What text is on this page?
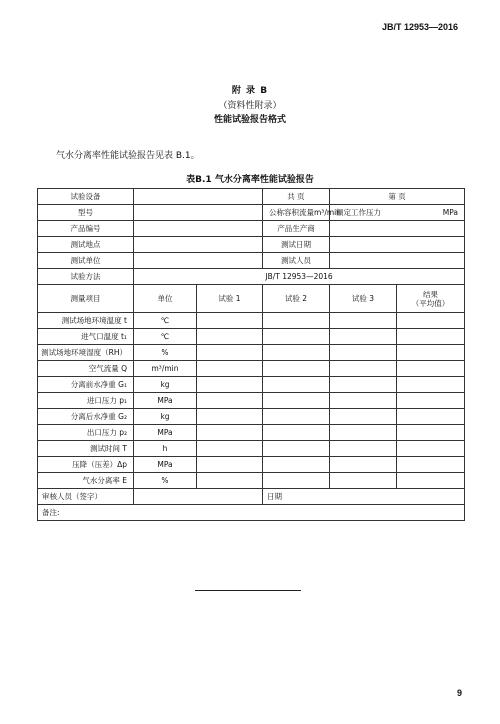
JB/T 12953—2016
附 录 B
（资料性附录）
性能试验报告格式
气水分离率性能试验报告见表 B.1。
表B.1 气水分离率性能试验报告
试验设备			共 页	第 页	
型号			公称容积流量 m³/min	额定工作压力 MPa	

产品编号			产品生产商		
测试地点			测试日期		
测试单位			测试人员		
试验方法	JB/T 12953—2016				
测量项目	单位	试验 1	试验 2	试验 3	结果
（平均值）

测试场地环境温度 t	℃				
进气口温度 t₁	℃				
测试场地环境湿度（RH）	%				
空气流量 Q	m³/min				
分离前水净重 G₁	kg				
进口压力 p₁	MPa				
分离后水净重 G₂	kg				
出口压力 p₂	MPa				
测试时间 T	h				
压降（压差）Δp	MPa				
气水分离率 E	%				
审核人员（签字）			日期		
备注:					
9
